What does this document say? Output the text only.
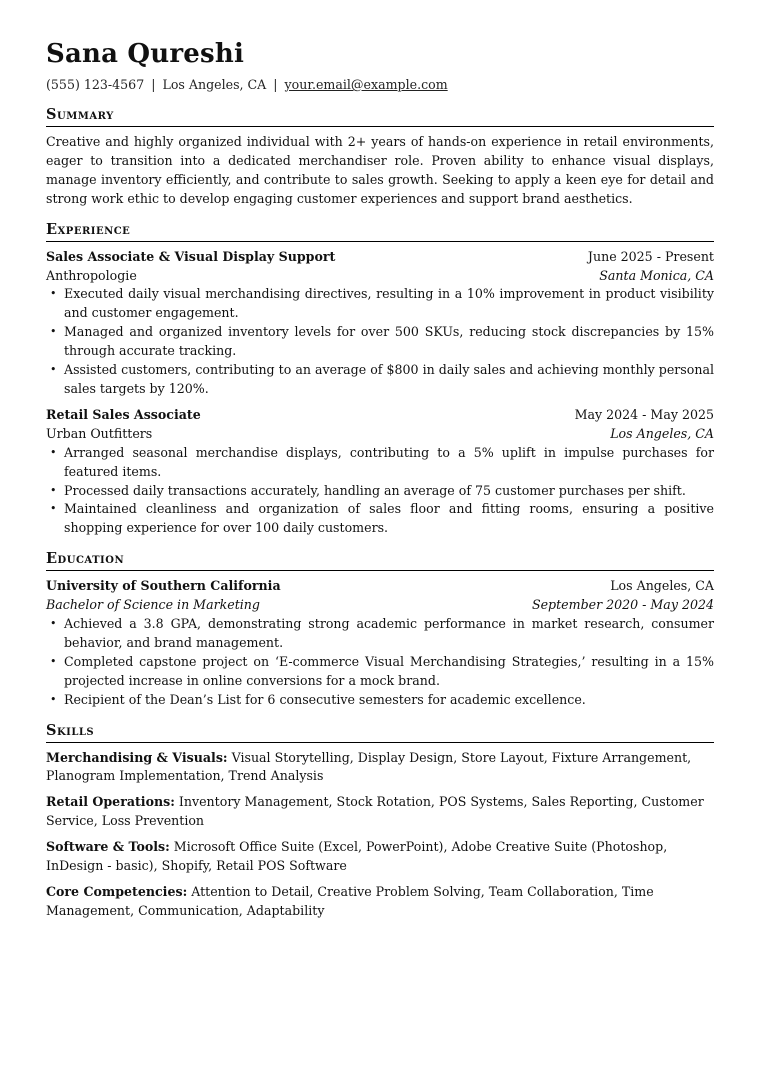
Sana Qureshi
(555) 123-4567 | Los Angeles, CA | your.email@example.com
Summary

Creative and highly organized individual with 2+ years of hands-on experience in retail environments, eager to transition into a dedicated merchandiser role. Proven ability to enhance visual displays, manage inventory efficiently, and contribute to sales growth. Seeking to apply a keen eye for detail and strong work ethic to develop engaging customer experiences and support brand aesthetics.

Experience
Sales Associate & Visual Display Support	June 2025 - Present
Anthropologie	Santa Monica, CA
• Executed daily visual merchandising directives, resulting in a 10% improvement in product visibility and customer engagement.
• Managed and organized inventory levels for over 500 SKUs, reducing stock discrepancies by 15% through accurate tracking.
• Assisted customers, contributing to an average of $800 in daily sales and achieving monthly personal sales targets by 120%.
Retail Sales Associate	May 2024 - May 2025
Urban Outfitters	Los Angeles, CA
• Arranged seasonal merchandise displays, contributing to a 5% uplift in impulse purchases for featured items.
• Processed daily transactions accurately, handling an average of 75 customer purchases per shift.
• Maintained cleanliness and organization of sales floor and fitting rooms, ensuring a positive shopping experience for over 100 daily customers.
Education
University of Southern California	Los Angeles, CA
Bachelor of Science in Marketing	September 2020 - May 2024
• Achieved a 3.8 GPA, demonstrating strong academic performance in market research, consumer behavior, and brand management.
• Completed capstone project on ‘E-commerce Visual Merchandising Strategies,’ resulting in a 15% projected increase in online conversions for a mock brand.
• Recipient of the Dean’s List for 6 consecutive semesters for academic excellence.
Skills

Merchandising & Visuals: Visual Storytelling, Display Design, Store Layout, Fixture Arrangement, Planogram Implementation, Trend Analysis

Retail Operations: Inventory Management, Stock Rotation, POS Systems, Sales Reporting, Customer Service, Loss Prevention

Software & Tools: Microsoft Office Suite (Excel, PowerPoint), Adobe Creative Suite (Photoshop, InDesign - basic), Shopify, Retail POS Software

Core Competencies: Attention to Detail, Creative Problem Solving, Team Collaboration, Time Management, Communication, Adaptability
